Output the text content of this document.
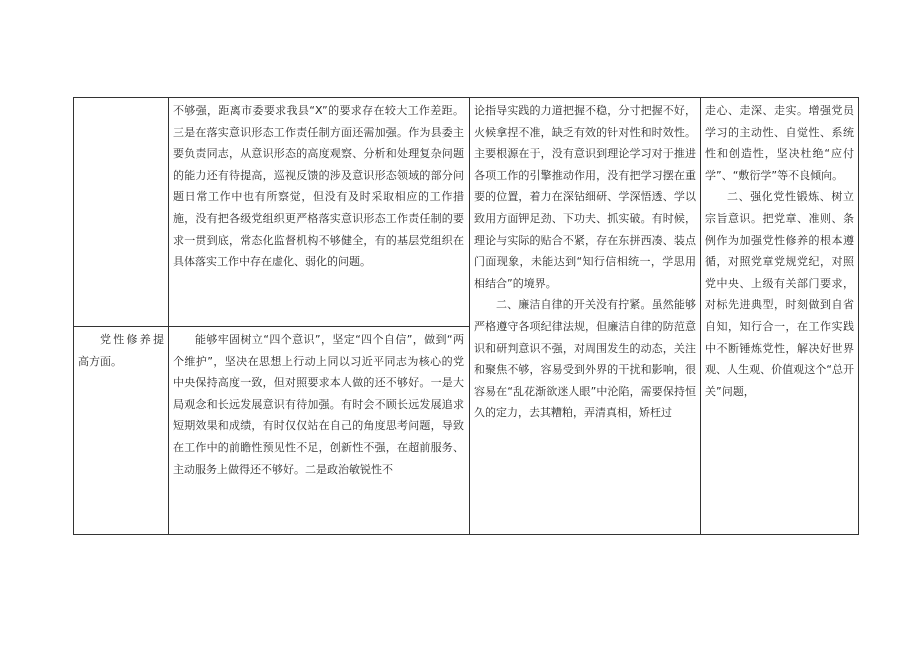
不够强，距离市委要求我县“X”的要求存在较大工作差距。三是在落实意识形态工作责任制方面还需加强。作为县委主要负责同志，从意识形态的高度观察、分析和处理复杂问题的能力还有待提高，巡视反馈的涉及意识形态领域的部分问题日常工作中也有所察觉，但没有及时采取相应的工作措施，没有把各级党组织更严格落实意识形态工作责任制的要求一贯到底，常态化监督机构不够健全，有的基层党组织在具体落实工作中存在虚化、弱化的问题。
党性修养提高方面。
能够牢固树立“四个意识”，坚定“四个自信”，做到“两个维护”，坚决在思想上行动上同以习近平同志为核心的党中央保持高度一致，但对照要求本人做的还不够好。一是大局观念和长远发展意识有待加强。有时会不顾长远发展追求短期效果和成绩，有时仅仅站在自己的角度思考问题，导致在工作中的前瞻性预见性不足，创新性不强，在超前服务、主动服务上做得还不够好。二是政治敏锐性不
论指导实践的力道把握不稳，分寸把握不好，火候拿捏不准，缺乏有效的针对性和时效性。主要根源在于，没有意识到理论学习对于推进各项工作的引擎推动作用，没有把学习摆在重要的位置，着力在深钻细研、学深悟透、学以致用方面钾足劲、下功夫、抓实破。有时候，理论与实际的贴合不紧，存在东拼西凑、装点门面现象，未能达到“知行信相统一，学思用相结合”的境界。
二、廉洁自律的开关没有拧紧。虽然能够严格遵守各项纪律法规，但廉洁自律的防范意识和研判意识不强，对周围发生的动态，关注和聚焦不够，容易受到外界的干扰和影响，很容易在“乱花渐欲迷人眼”中沦陷，需要保持恒久的定力，去其糟粕，弄清真相，矫枉过
走心、走深、走实。增强党员学习的主动性、自觉性、系统性和创造性，坚决杜绝“应付学”、“敷衍学”等不良倾向。
二、强化党性锻炼、树立宗旨意识。把党章、准则、条例作为加强党性修养的根本遵循，对照党章党规党纪，对照党中央、上级有关部门要求，对标先进典型，时刻做到自省自知，知行合一，在工作实践中不断锤炼党性，解决好世界观、人生观、价值观这个“总开关”问题，
